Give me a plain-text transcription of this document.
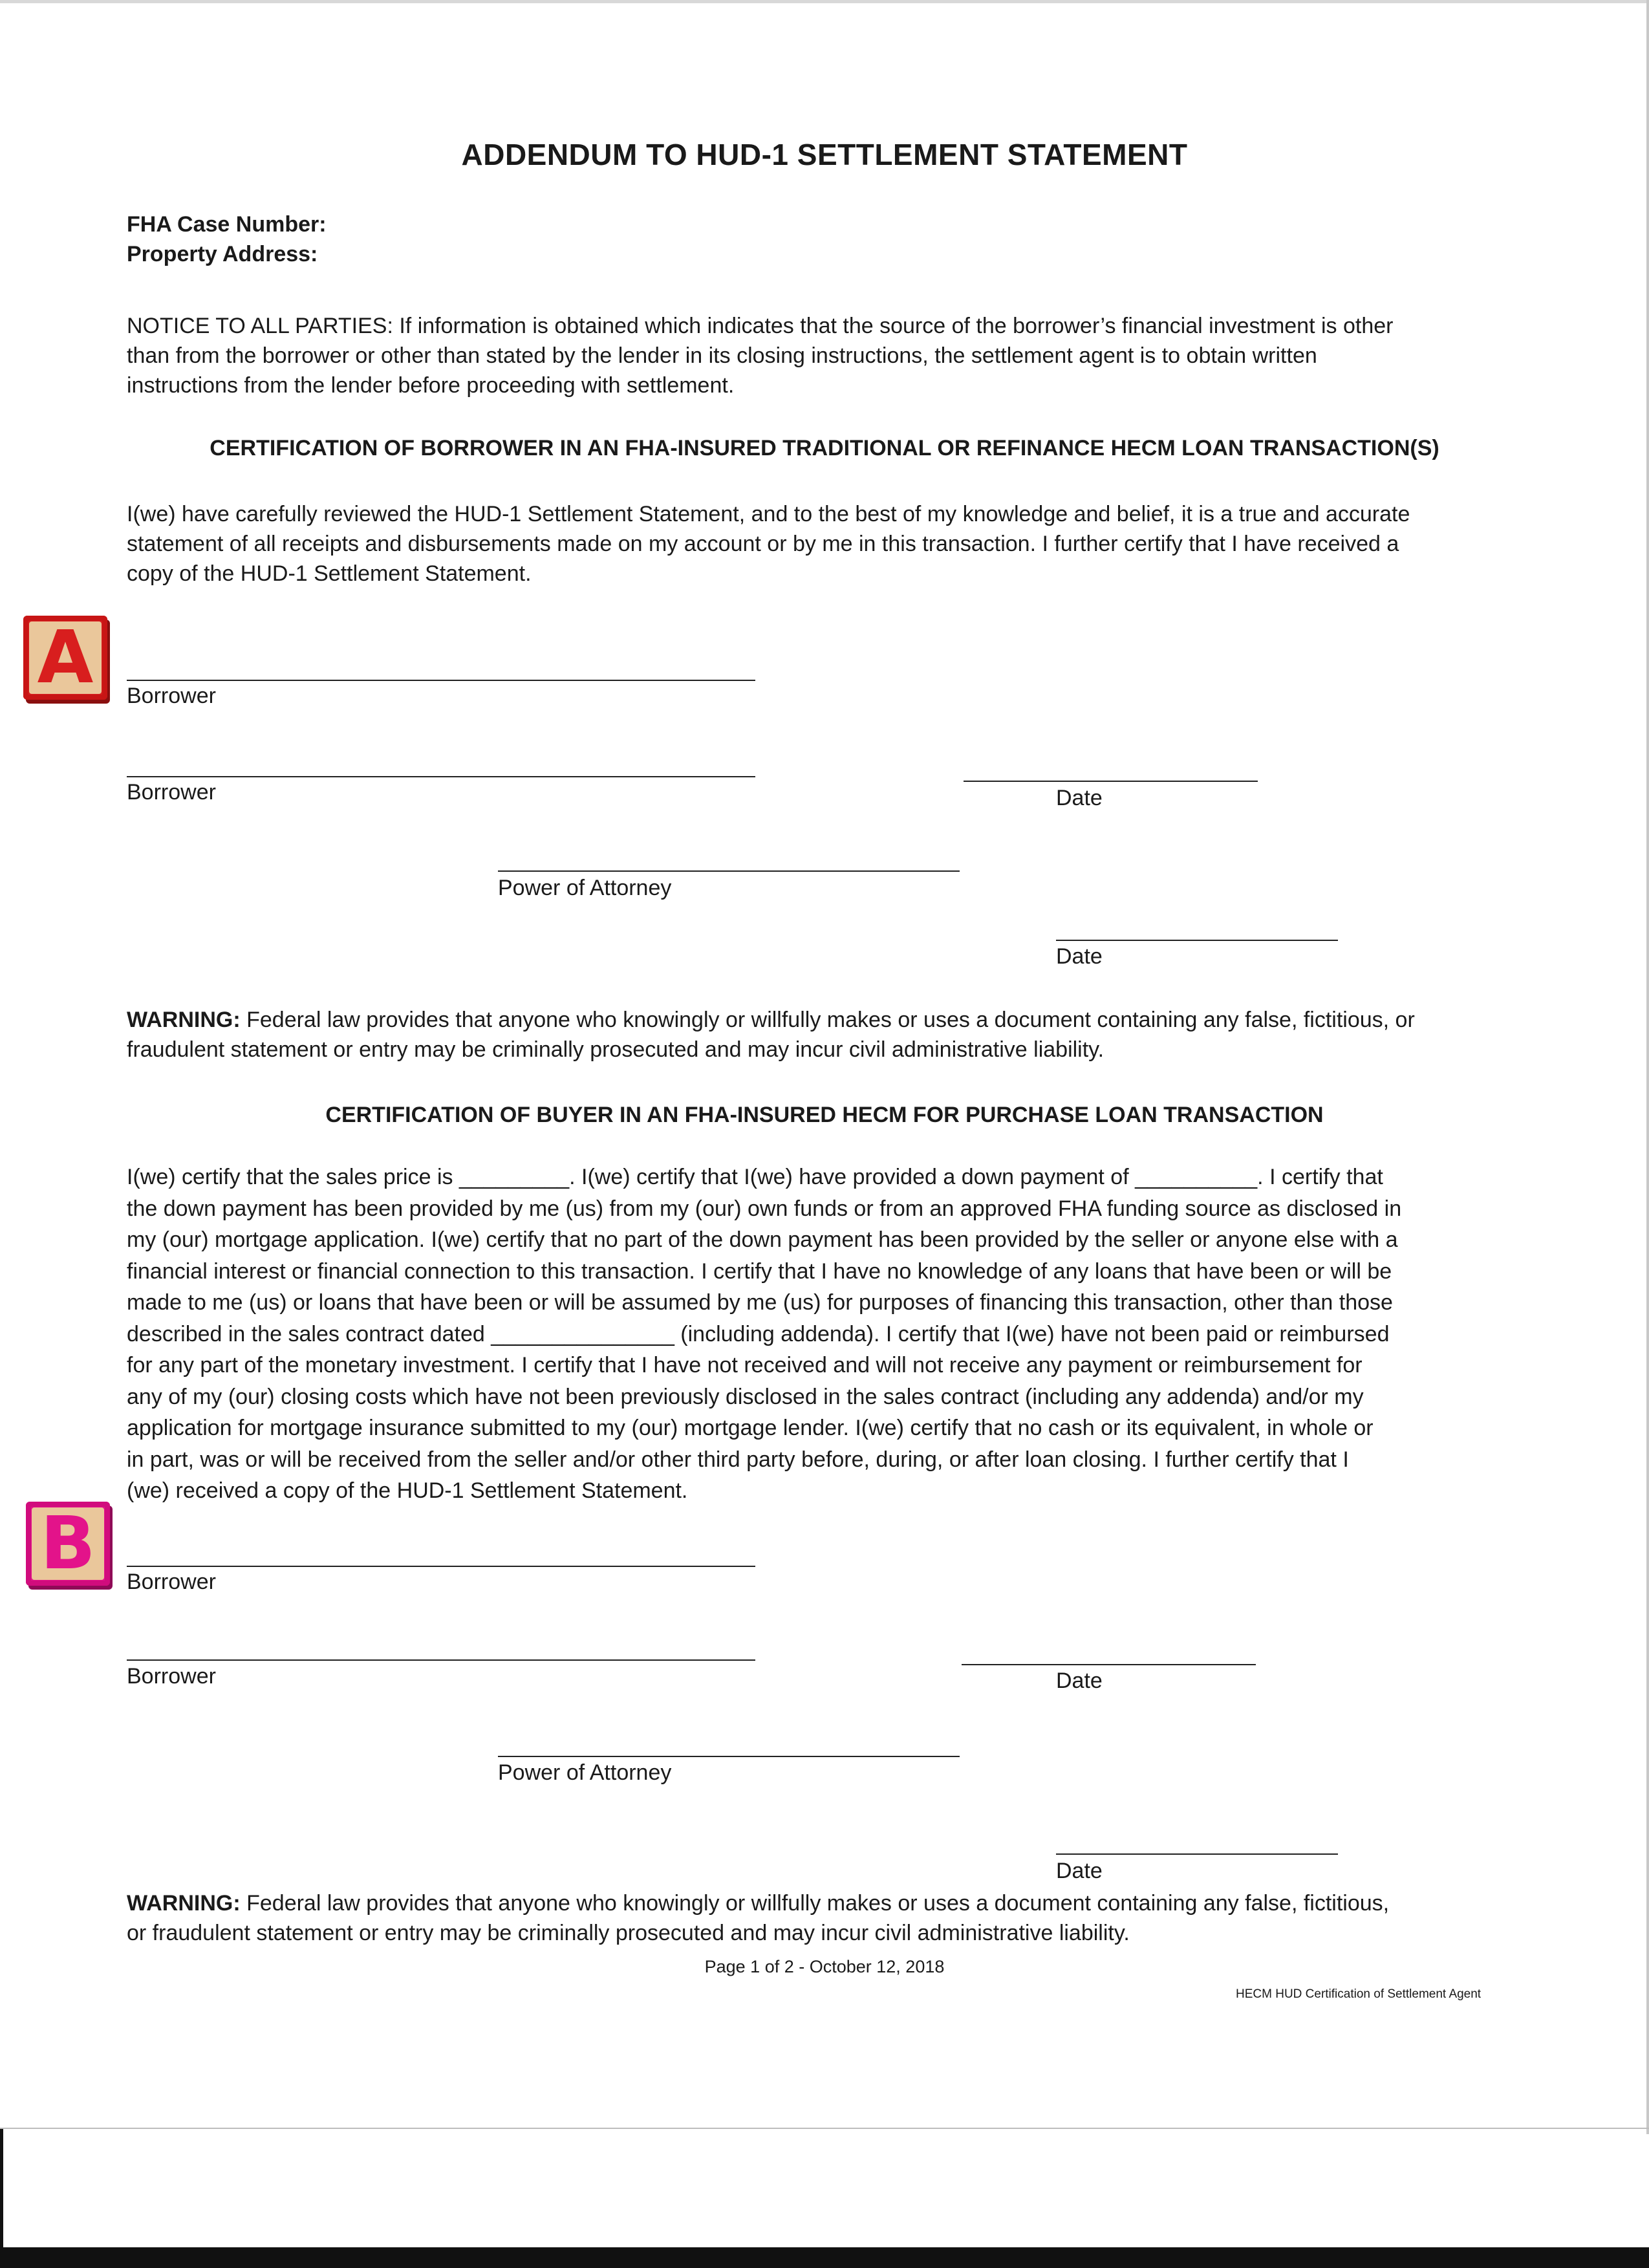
ADDENDUM TO HUD-1 SETTLEMENT STATEMENT
FHA Case Number:
Property Address:
NOTICE TO ALL PARTIES: If information is obtained which indicates that the source of the borrower’s financial investment is other
than from the borrower or other than stated by the lender in its closing instructions, the settlement agent is to obtain written
instructions from the lender before proceeding with settlement.
CERTIFICATION OF BORROWER IN AN FHA-INSURED TRADITIONAL OR REFINANCE HECM LOAN TRANSACTION(S)
I(we) have carefully reviewed the HUD-1 Settlement Statement, and to the best of my knowledge and belief, it is a true and accurate
statement of all receipts and disbursements made on my account or by me in this transaction. I further certify that I have received a
copy of the HUD-1 Settlement Statement.
A	Borrower
Borrower	Date
Power of Attorney
Date
WARNING: Federal law provides that anyone who knowingly or willfully makes or uses a document containing any false, fictitious, or
fraudulent statement or entry may be criminally prosecuted and may incur civil administrative liability.
CERTIFICATION OF BUYER IN AN FHA-INSURED HECM FOR PURCHASE LOAN TRANSACTION
I(we) certify that the sales price is _________. I(we) certify that I(we) have provided a down payment of __________. I certify that
the down payment has been provided by me (us) from my (our) own funds or from an approved FHA funding source as disclosed in
my (our) mortgage application. I(we) certify that no part of the down payment has been provided by the seller or anyone else with a
financial interest or financial connection to this transaction. I certify that I have no knowledge of any loans that have been or will be
made to me (us) or loans that have been or will be assumed by me (us) for purposes of financing this transaction, other than those
described in the sales contract dated _______________ (including addenda). I certify that I(we) have not been paid or reimbursed
for any part of the monetary investment. I certify that I have not received and will not receive any payment or reimbursement for
any of my (our) closing costs which have not been previously disclosed in the sales contract (including any addenda) and/or my
application for mortgage insurance submitted to my (our) mortgage lender. I(we) certify that no cash or its equivalent, in whole or
in part, was or will be received from the seller and/or other third party before, during, or after loan closing. I further certify that I
(we) received a copy of the HUD-1 Settlement Statement.
B	Borrower
Borrower	Date
Power of Attorney
Date
WARNING: Federal law provides that anyone who knowingly or willfully makes or uses a document containing any false, fictitious,
or fraudulent statement or entry may be criminally prosecuted and may incur civil administrative liability.
Page 1 of 2 - October 12, 2018
HECM HUD Certification of Settlement Agent
